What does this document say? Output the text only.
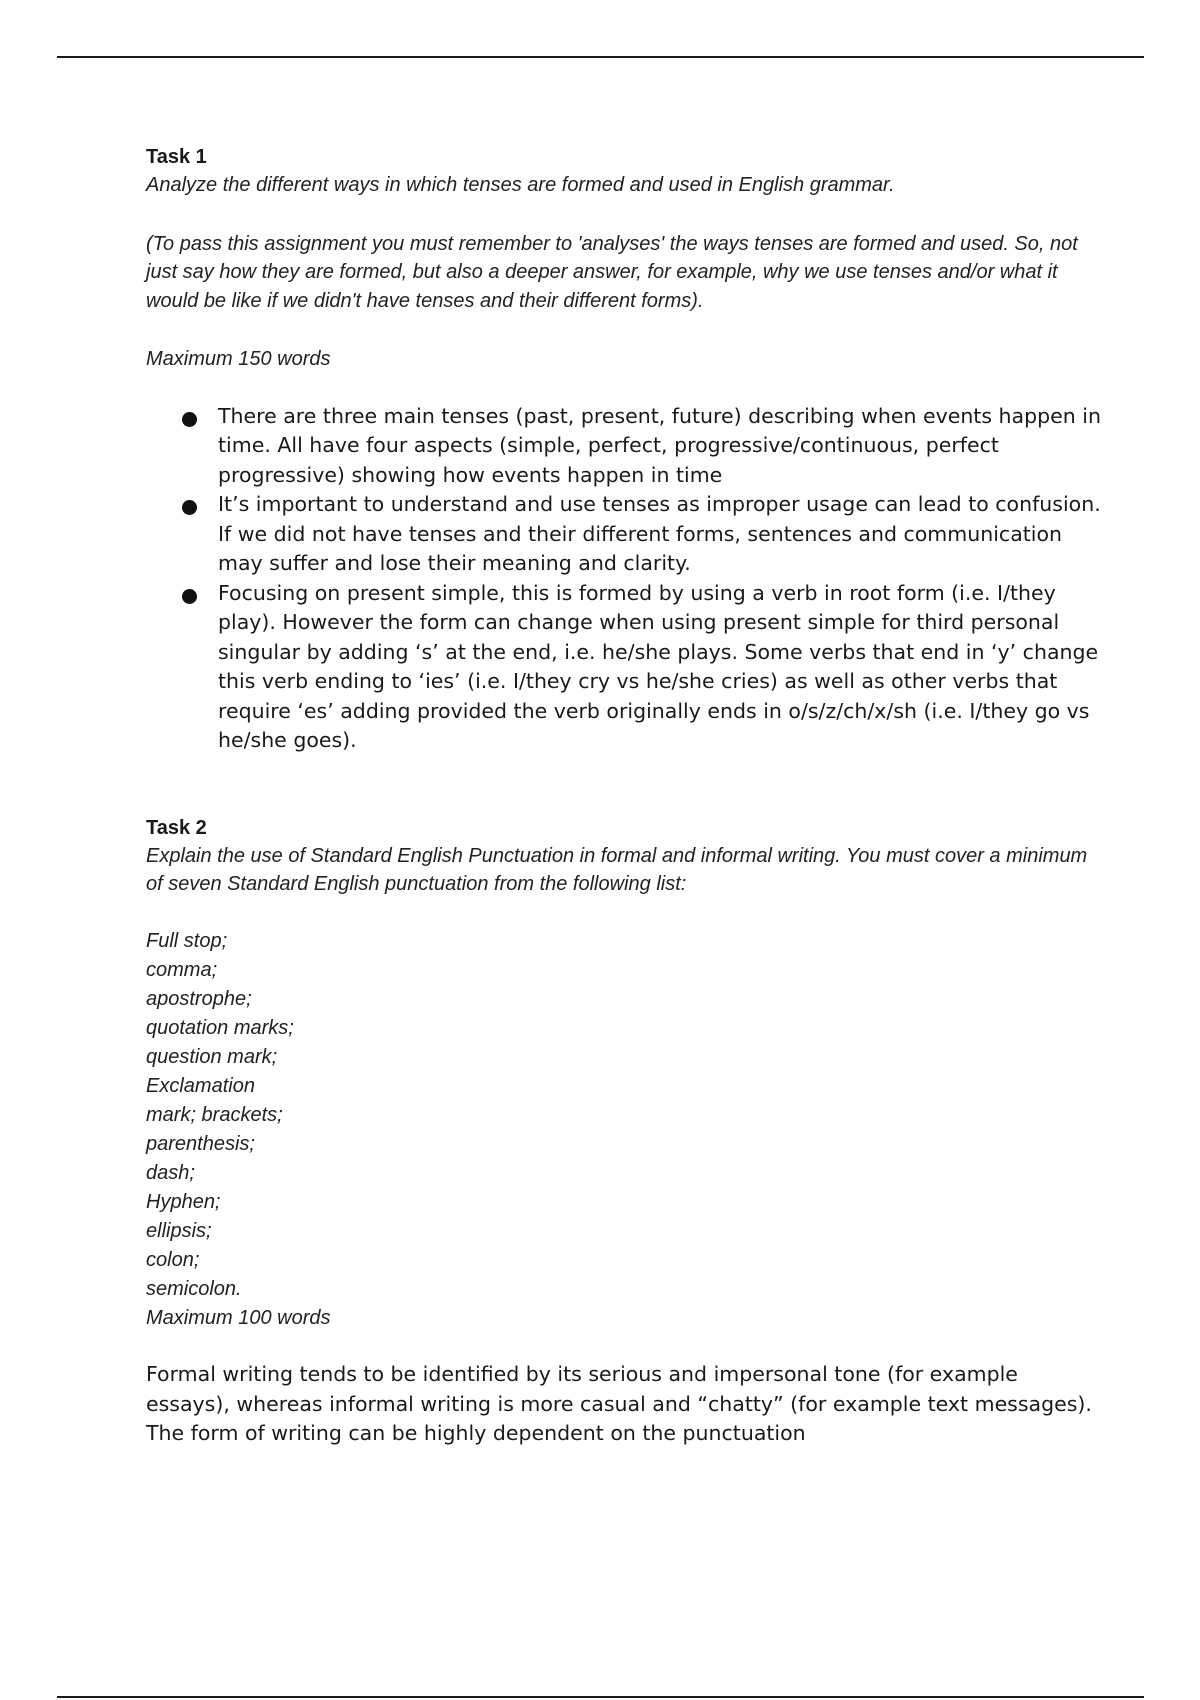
Task 1

Analyze the different ways in which tenses are formed and used in English grammar.

(To pass this assignment you must remember to 'analyses' the ways tenses are formed and used. So, not just say how they are formed, but also a deeper answer, for example, why we use tenses and/or what it would be like if we didn't have tenses and their different forms).

Maximum 150 words

There are three main tenses (past, present, future) describing when events happen in time. All have four aspects (simple, perfect, progressive/continuous, perfect progressive) showing how events happen in time
It’s important to understand and use tenses as improper usage can lead to confusion. If we did not have tenses and their different forms, sentences and communication may suffer and lose their meaning and clarity.
Focusing on present simple, this is formed by using a verb in root form (i.e. I/they play). However the form can change when using present simple for third personal singular by adding ‘s’ at the end, i.e. he/she plays. Some verbs that end in ‘y’ change this verb ending to ‘ies’ (i.e. I/they cry vs he/she cries) as well as other verbs that require ‘es’ adding provided the verb originally ends in o/s/z/ch/x/sh (i.e. I/they go vs he/she goes).

Task 2

Explain the use of Standard English Punctuation in formal and informal writing. You must cover a minimum of seven Standard English punctuation from the following list:

Full stop;
comma;
apostrophe;
quotation marks;
question mark;
Exclamation
mark; brackets;
parenthesis;
dash;
Hyphen;
ellipsis;
colon;
semicolon.

Maximum 100 words

Formal writing tends to be identified by its serious and impersonal tone (for example essays), whereas informal writing is more casual and “chatty” (for example text messages). The form of writing can be highly dependent on the punctuation
